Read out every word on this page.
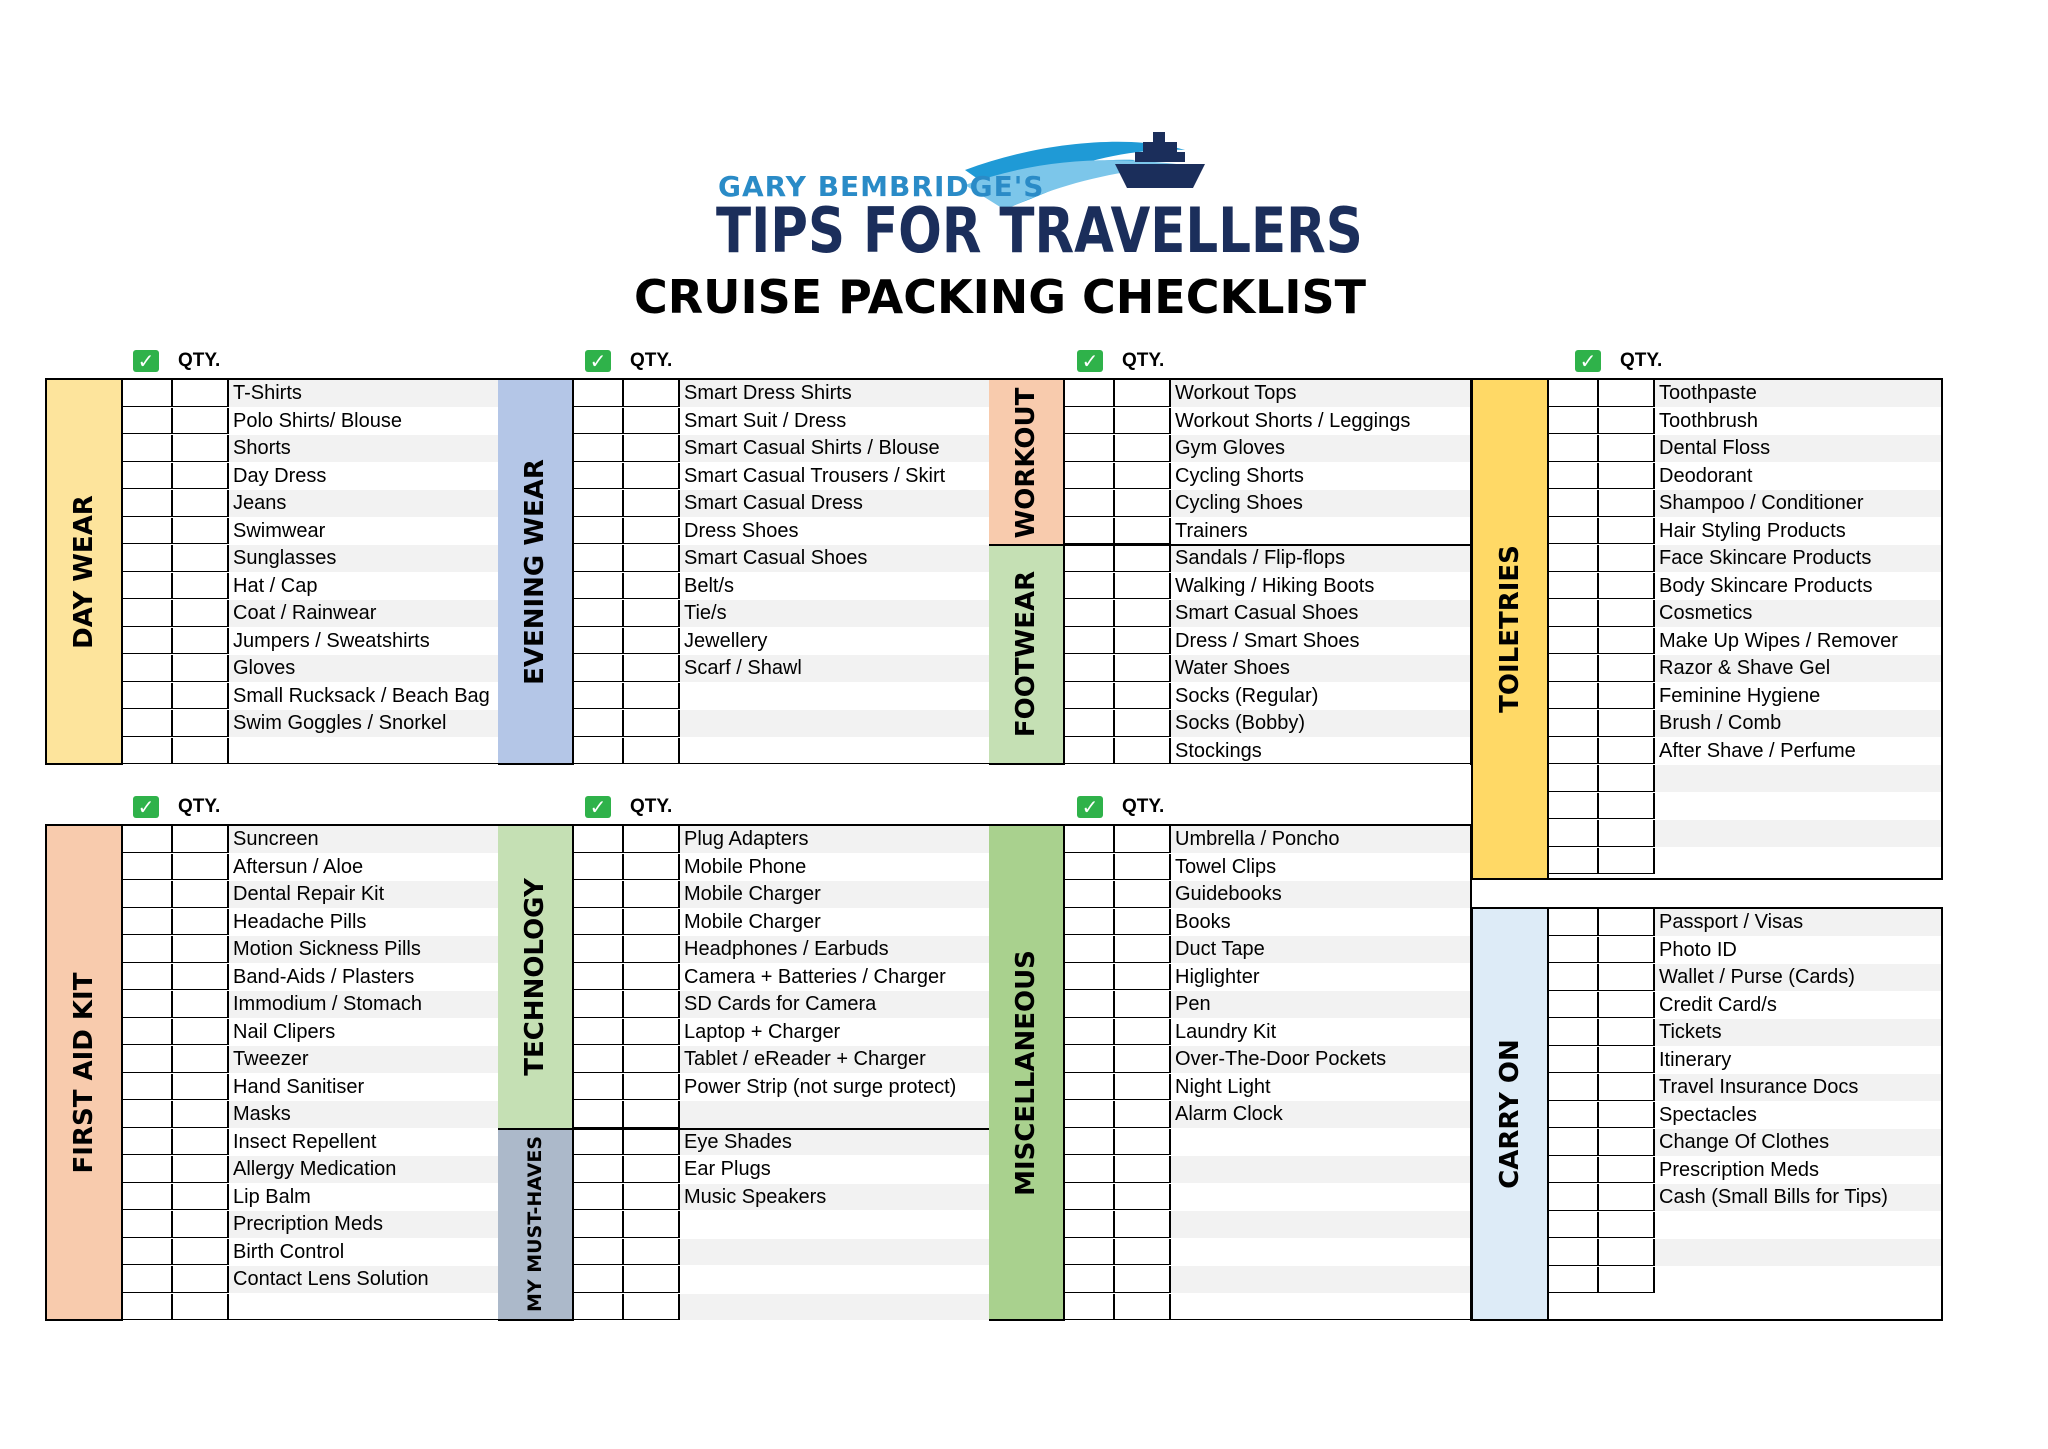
GARY BEMBRIDGE'S
TIPS FOR TRAVELLERS
CRUISE PACKING CHECKLIST
✓ QTY.	✓ QTY.	✓ QTY.	✓ QTY.
✓ QTY.	✓ QTY.	✓ QTY.
DAY WEAR
T-Shirts
Polo Shirts/ Blouse
Shorts
Day Dress
Jeans
Swimwear
Sunglasses
Hat / Cap
Coat / Rainwear
Jumpers / Sweatshirts
Gloves
Small Rucksack / Beach Bag
Swim Goggles / Snorkel
EVENING WEAR
Smart Dress Shirts
Smart Suit / Dress
Smart Casual Shirts / Blouse
Smart Casual Trousers / Skirt
Smart Casual Dress
Dress Shoes
Smart Casual Shoes
Belt/s
Tie/s
Jewellery
Scarf / Shawl
WORKOUT	Workout Tops
Workout Shorts / Leggings
Gym Gloves
Cycling Shorts
Cycling Shoes
Trainers
FOOTWEAR
Sandals / Flip-flops
Walking / Hiking Boots
Smart Casual Shoes
Dress / Smart Shoes
Water Shoes
Socks (Regular)
Socks (Bobby)
Stockings
TOILETRIES
Toothpaste
Toothbrush
Dental Floss
Deodorant
Shampoo / Conditioner
Hair Styling Products
Face Skincare Products
Body Skincare Products
Cosmetics
Make Up Wipes / Remover
Razor & Shave Gel
Feminine Hygiene
Brush / Comb
After Shave / Perfume
CARRY ON
Passport / Visas
Photo ID
Wallet / Purse (Cards)
Credit Card/s
Tickets
Itinerary
Travel Insurance Docs
Spectacles
Change Of Clothes
Prescription Meds
Cash (Small Bills for Tips)
FIRST AID KIT
Suncreen
Aftersun / Aloe
Dental Repair Kit
Headache Pills
Motion Sickness Pills
Band-Aids / Plasters
Immodium / Stomach
Nail Clipers
Tweezer
Hand Sanitiser
Masks
Insect Repellent
Allergy Medication
Lip Balm
Precription Meds
Birth Control
Contact Lens Solution
TECHNOLOGY
Plug Adapters
Mobile Phone
Mobile Charger
Mobile Charger
Headphones / Earbuds
Camera + Batteries / Charger
SD Cards for Camera
Laptop + Charger
Tablet / eReader + Charger
Power Strip (not surge protect)
MY MUST-HAVES	Eye Shades
Ear Plugs
Music Speakers
MISCELLANEOUS
Umbrella / Poncho
Towel Clips
Guidebooks
Books
Duct Tape
Higlighter
Pen
Laundry Kit
Over-The-Door Pockets
Night Light
Alarm Clock
